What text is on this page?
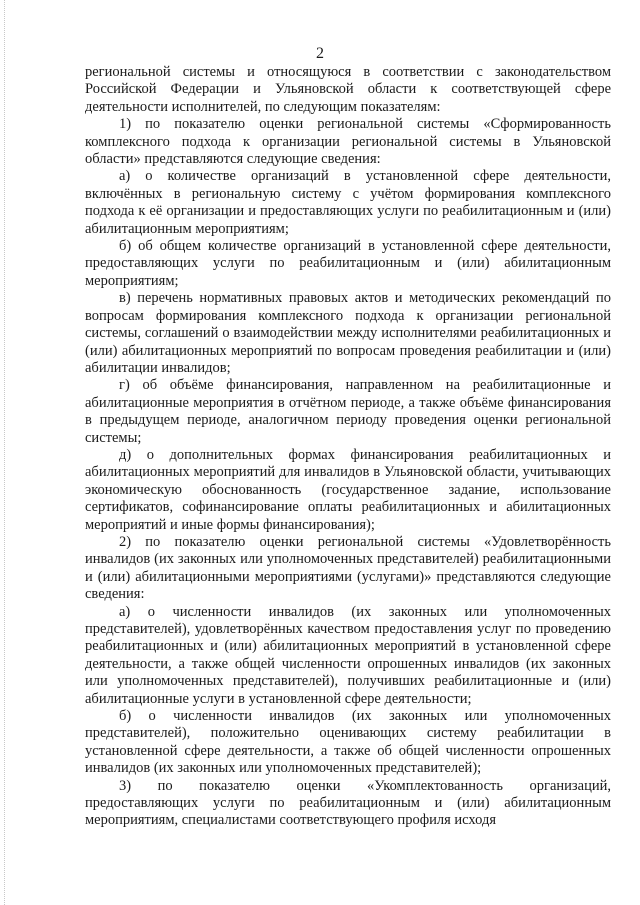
2

региональной системы и относящуюся в соответствии с законодательством Российской Федерации и Ульяновской области к соответствующей сфере деятельности исполнителей, по следующим показателям:

1) по показателю оценки региональной системы «Сформированность комплексного подхода к организации региональной системы в Ульяновской области» представляются следующие сведения:

а) о количестве организаций в установленной сфере деятельности, включённых в региональную систему с учётом формирования комплексного подхода к её организации и предоставляющих услуги по реабилитационным и (или) абилитационным мероприятиям;

б) об общем количестве организаций в установленной сфере деятельности, предоставляющих услуги по реабилитационным и (или) абилитационным мероприятиям;

в) перечень нормативных правовых актов и методических рекомендаций по вопросам формирования комплексного подхода к организации региональной системы, соглашений о взаимодействии между исполнителями реабилитационных и (или) абилитационных мероприятий по вопросам проведения реабилитации и (или) абилитации инвалидов;

г) об объёме финансирования, направленном на реабилитационные и абилитационные мероприятия в отчётном периоде, а также объёме финансирования в предыдущем периоде, аналогичном периоду проведения оценки региональной системы;

д) о дополнительных формах финансирования реабилитационных и абилитационных мероприятий для инвалидов в Ульяновской области, учитывающих экономическую обоснованность (государственное задание, использование сертификатов, софинансирование оплаты реабилитационных и абилитационных мероприятий и иные формы финансирования);

2) по показателю оценки региональной системы «Удовлетворённость инвалидов (их законных или уполномоченных представителей) реабилитационными и (или) абилитационными мероприятиями (услугами)» представляются следующие сведения:

а) о численности инвалидов (их законных или уполномоченных представителей), удовлетворённых качеством предоставления услуг по проведению реабилитационных и (или) абилитационных мероприятий в установленной сфере деятельности, а также общей численности опрошенных инвалидов (их законных или уполномоченных представителей), получивших реабилитационные и (или) абилитационные услуги в установленной сфере деятельности;

б) о численности инвалидов (их законных или уполномоченных представителей), положительно оценивающих систему реабилитации в установленной сфере деятельности, а также об общей численности опрошенных инвалидов (их законных или уполномоченных представителей);

3) по показателю оценки «Укомплектованность организаций, предоставляющих услуги по реабилитационным и (или) абилитационным мероприятиям, специалистами соответствующего профиля исходя
